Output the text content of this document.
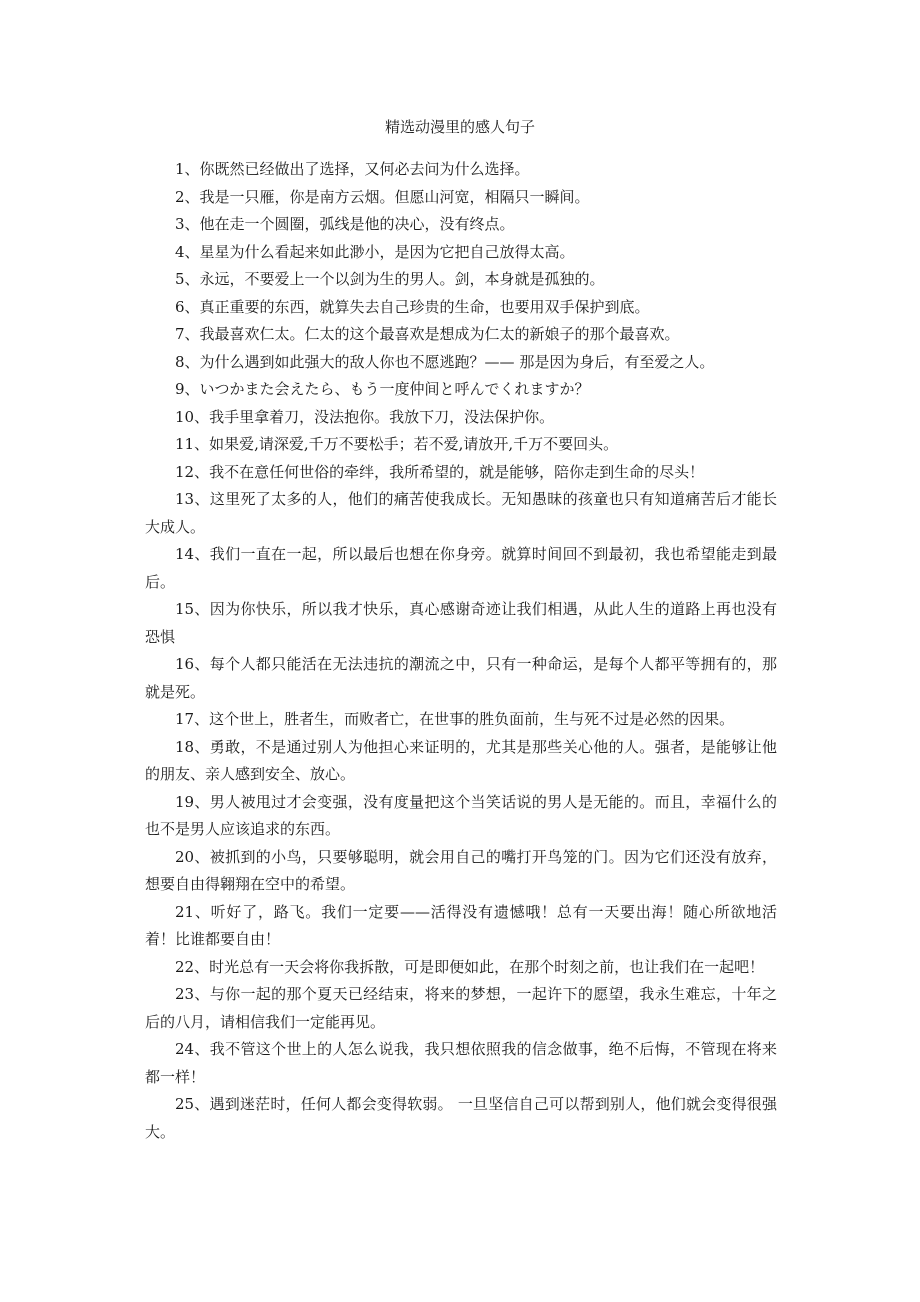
精选动漫里的感人句子
1、你既然已经做出了选择，又何必去问为什么选择。
2、我是一只雁，你是南方云烟。但愿山河宽，相隔只一瞬间。
3、他在走一个圆圈，弧线是他的决心，没有终点。
4、星星为什么看起来如此渺小，是因为它把自己放得太高。
5、永远，不要爱上一个以剑为生的男人。剑，本身就是孤独的。
6、真正重要的东西，就算失去自己珍贵的生命，也要用双手保护到底。
7、我最喜欢仁太。仁太的这个最喜欢是想成为仁太的新娘子的那个最喜欢。
8、为什么遇到如此强大的敌人你也不愿逃跑？—— 那是因为身后，有至爱之人。
9、いつかまた会えたら、もう一度仲间と呼んでくれますか？
10、我手里拿着刀，没法抱你。我放下刀，没法保护你。
11、如果爱,请深爱,千万不要松手；若不爱,请放开,千万不要回头。
12、我不在意任何世俗的牵绊，我所希望的，就是能够，陪你走到生命的尽头！
13、这里死了太多的人，他们的痛苦使我成长。无知愚昧的孩童也只有知道痛苦后才能长大成人。
14、我们一直在一起，所以最后也想在你身旁。就算时间回不到最初，我也希望能走到最后。
15、因为你快乐，所以我才快乐，真心感谢奇迹让我们相遇，从此人生的道路上再也没有恐惧
16、每个人都只能活在无法违抗的潮流之中，只有一种命运，是每个人都平等拥有的，那就是死。
17、这个世上，胜者生，而败者亡，在世事的胜负面前，生与死不过是必然的因果。
18、勇敢，不是通过别人为他担心来证明的，尤其是那些关心他的人。强者，是能够让他的朋友、亲人感到安全、放心。
19、男人被甩过才会变强，没有度量把这个当笑话说的男人是无能的。而且，幸福什么的也不是男人应该追求的东西。
20、被抓到的小鸟，只要够聪明，就会用自己的嘴打开鸟笼的门。因为它们还没有放弃，想要自由得翱翔在空中的希望。
21、听好了，路飞。我们一定要——活得没有遗憾哦！总有一天要出海！随心所欲地活着！比谁都要自由！
22、时光总有一天会将你我拆散，可是即便如此，在那个时刻之前，也让我们在一起吧！
23、与你一起的那个夏天已经结束，将来的梦想，一起许下的愿望，我永生难忘，十年之后的八月，请相信我们一定能再见。
24、我不管这个世上的人怎么说我，我只想依照我的信念做事，绝不后悔，不管现在将来都一样！
25、遇到迷茫时，任何人都会变得软弱。 一旦坚信自己可以帮到别人，他们就会变得很强大。
